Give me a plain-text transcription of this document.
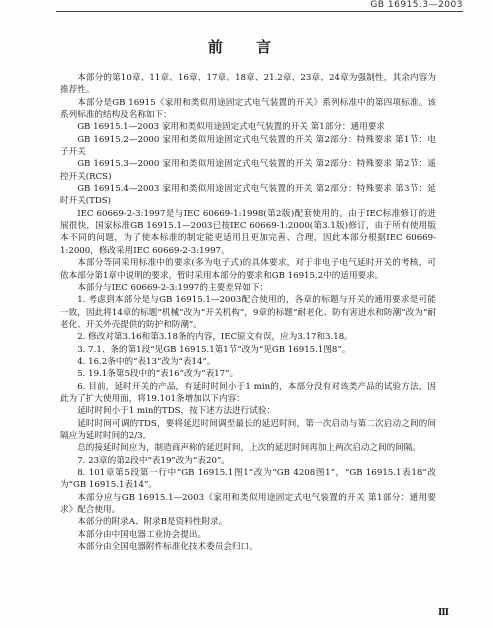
GB 16915.3—2003
前 言

本部分的第10章、11章、16章、17章、18章、21.2章、23章、24章为强制性，其余内容为推荐性。

本部分是GB 16915《家用和类似用途固定式电气装置的开关》系列标准中的第四项标准。该系列标准的结构及名称如下：

GB 16915.1—2003 家用和类似用途固定式电气装置的开关 第1部分：通用要求

GB 16915.2—2000 家用和类似用途固定式电气装置的开关 第2部分：特殊要求 第1节：电子开关

GB 16915.3—2000 家用和类似用途固定式电气装置的开关 第2部分：特殊要求 第2节：遥控开关(RCS)

GB 16915.4—2003 家用和类似用途固定式电气装置的开关 第2部分：特殊要求 第3节：延时开关(TDS)

IEC 60669-2-3:1997是与IEC 60669-1:1998(第2版)配套使用的。由于IEC标准修订的进展很快，国家标准GB 16915.1—2003已按IEC 60669-1:2000(第3.1版)修订，由于所有使用版本不同的问题，为了使本标准的制定能更适用且更加完善、合理，因此本部分根据IEC 60669-1:2000，修改采用IEC 60669-2-3:1997。

本部分等同采用标准中的要求(多为电子式)的具体要求，对于非电子电气延时开关的考核，可依本部分第1章中说明的要求，暂时采用本部分的要求和GB 16915.2中的适用要求。

本部分与IEC 60669-2-3:1997的主要差异如下：

1. 考虑到本部分是与GB 16915.1—2003配合使用的，各章的标题与开关的通用要求是可能一致，因此将14章的标题“机械”改为“开关机构”，9章的标题“耐老化、防有害进水和防潮”改为“耐老化、开关外壳提供的防护和防潮”。

2. 修改对第3.16和第3.18条的内容，IEC原文有误，应为3.17和3.18。

3. 7.1、条的第1段“见GB 16915.1第1节”改为“见GB 16915.1图8”。

4. 16.2条中的“表13”改为“表14”。

5. 19.1条第5段中的“表16”改为“表17”。

6. 目前，延时开关的产品，有延时时间小于1 min的，本部分没有对该类产品的试验方法，因此为了扩大使用面，将19.101条增加以下内容：

延时时间小于1 min的TDS，按下述方法进行试验：

延时时间可调的TDS，要将延迟时间调至最长的延迟时间，第一次启动与第二次启动之间的间隔应为延时时间的2/3。

总的接延时间应为，制造商声称的延迟时间，上次的延迟时间再加上两次启动之间的间隔。

7. 23章的第2段中“表19”改为“表20”。

8. 101章第5段第一行中“GB 16915.1图1”改为“GB 4208图1”，“GB 16915.1表18”改为“GB 16915.1表14”。

本部分应与GB 16915.1—2003《家用和类似用途固定式电气装置的开关 第1部分：通用要求》配合使用。

本部分的附录A、附录B是资料性附录。

本部分由中国电器工业协会提出。

本部分由全国电器附件标准化技术委员会归口。

Ⅲ
